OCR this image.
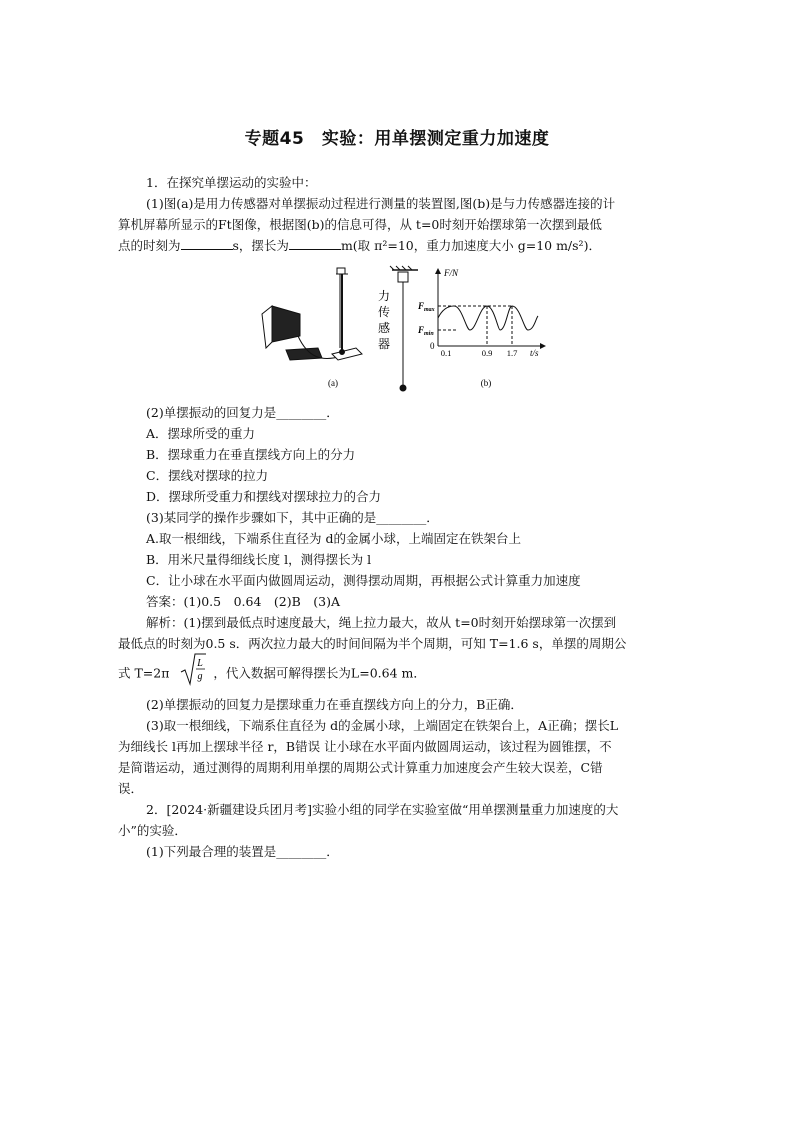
专题45　实验：用单摆测定重力加速度
1．在探究单摆运动的实验中：
(1)图(a)是用力传感器对单摆振动过程进行测量的装置图,图(b)是与力传感器连接的计
算机屏幕所显示的Ft图像，根据图(b)的信息可得，从 t=0时刻开始摆球第一次摆到最低
点的时刻为	s，摆长为	m(取 π²=10，重力加速度大小 g=10 m/s²)．
(a)
力
传
感
器
F/N
t/s
$F_{max}$
$F_{min}$
0
0.1	0.9 1.7
(b)
(2)单摆振动的回复力是________．
A．摆球所受的重力
B．摆球重力在垂直摆线方向上的分力
C．摆线对摆球的拉力
D．摆球所受重力和摆线对摆球拉力的合力
(3)某同学的操作步骤如下，其中正确的是________．
A.取一根细线，下端系住直径为 d的金属小球，上端固定在铁架台上
B．用米尺量得细线长度 l，测得摆长为 l
C．让小球在水平面内做圆周运动，测得摆动周期，再根据公式计算重力加速度
答案：(1)0.5　0.64　(2)B　(3)A
解析：(1)摆到最低点时速度最大，绳上拉力最大，故从 t=0时刻开始摆球第一次摆到
最低点的时刻为0.5 s．两次拉力最大的时间间隔为半个周期，可知 T=1.6 s，单摆的周期公
式 T=2π
L
g ，代入数据可解得摆长为L=0.64 m．
(2)单摆振动的回复力是摆球重力在垂直摆线方向上的分力，B正确．
(3)取一根细线，下端系住直径为 d的金属小球，上端固定在铁架台上，A正确；摆长L
为细线长 l再加上摆球半径 r，B错误 让小球在水平面内做圆周运动，该过程为圆锥摆，不
是简谐运动，通过测得的周期利用单摆的周期公式计算重力加速度会产生较大误差，C错
误．
2．[2024·新疆建设兵团月考]实验小组的同学在实验室做“用单摆测量重力加速度的大
小”的实验．
(1)下列最合理的装置是________．
